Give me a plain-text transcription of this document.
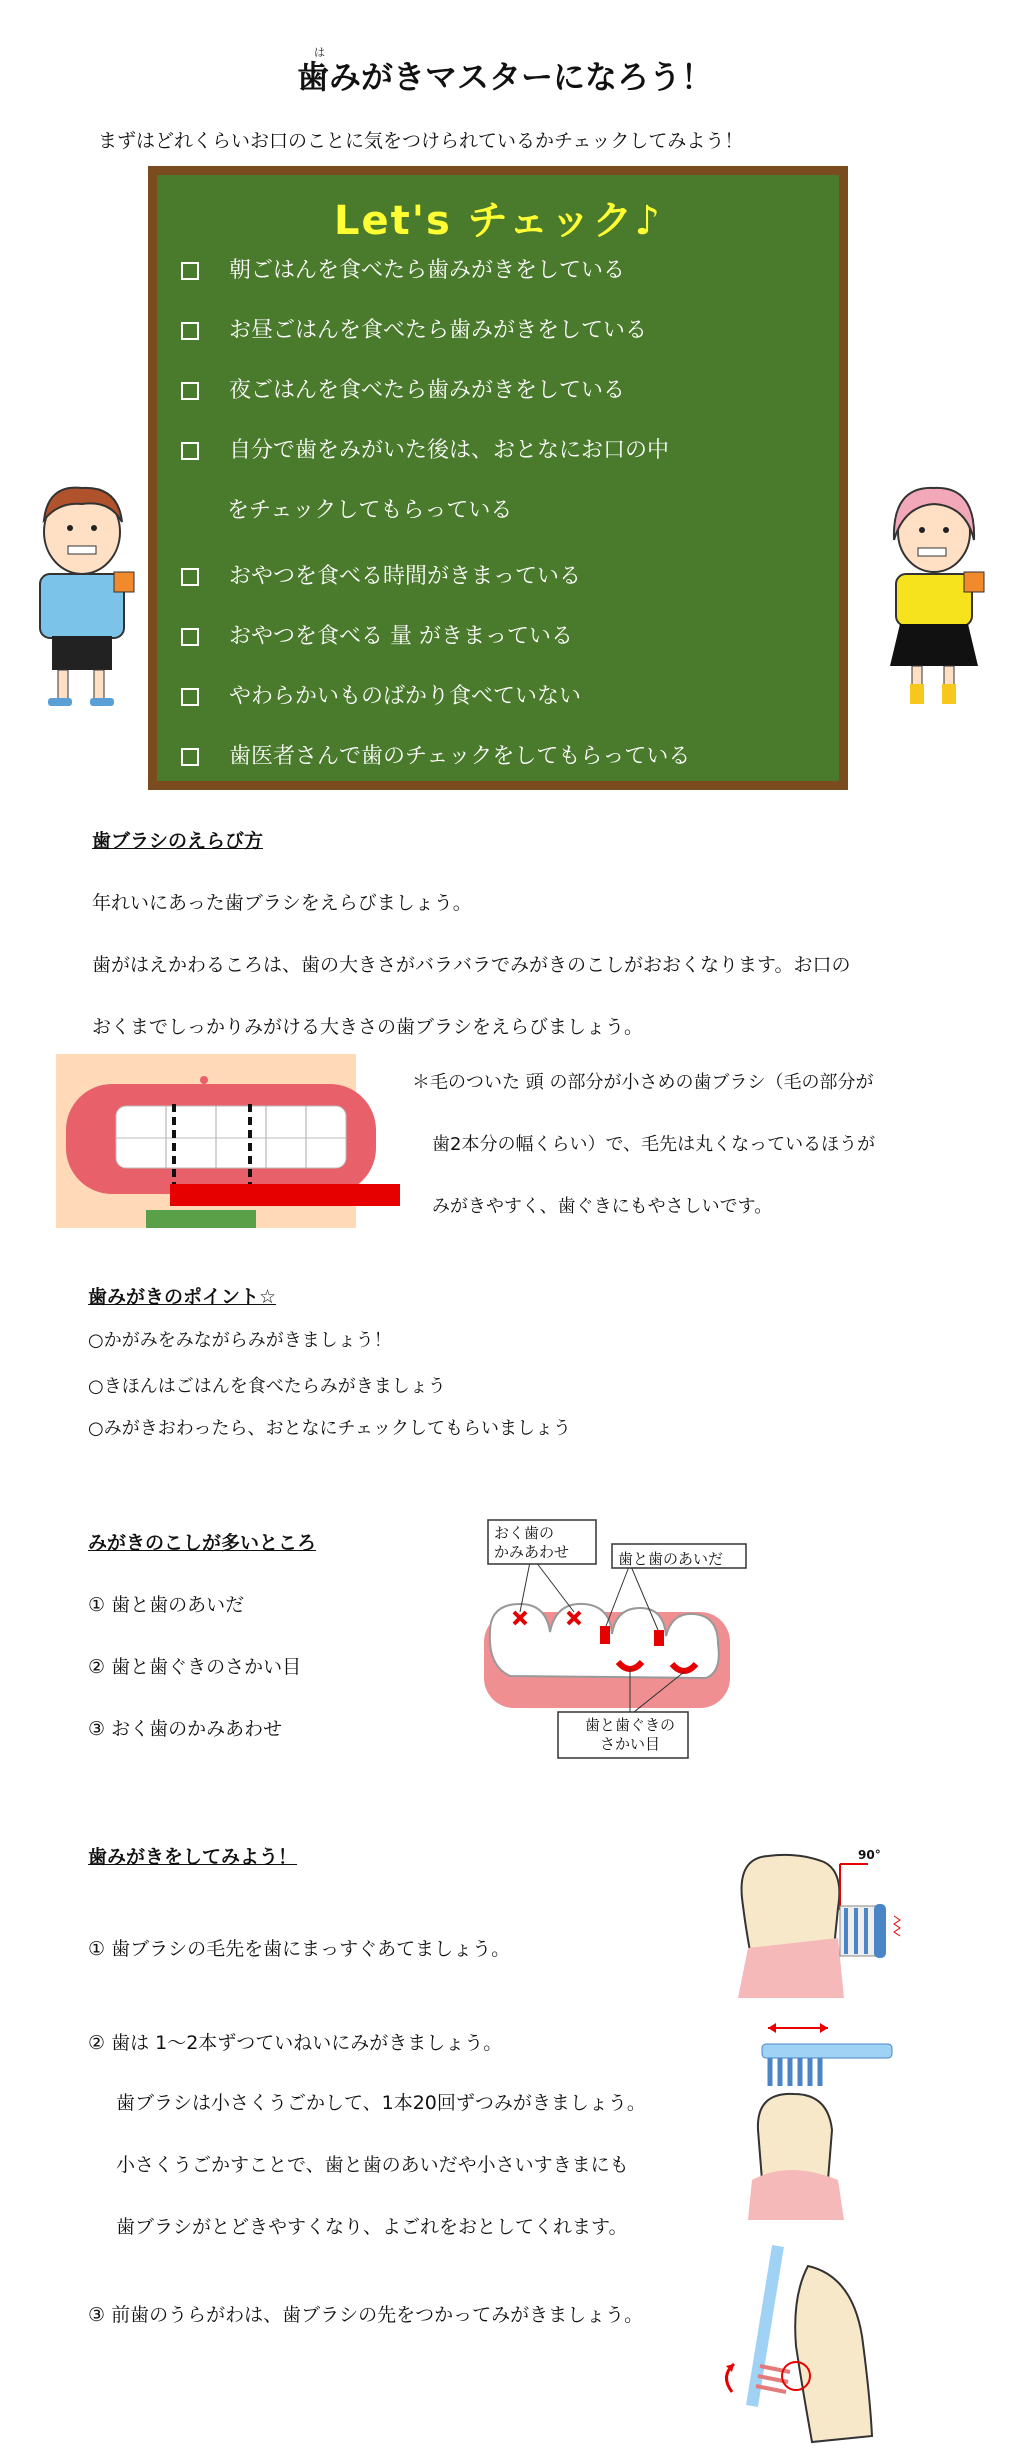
は
歯みがきマスターになろう！
まずはどれくらいお口のことに気をつけられているかチェックしてみよう！
Let's チェック♪
朝ごはんを食べたら歯みがきをしている
お昼ごはんを食べたら歯みがきをしている
夜ごはんを食べたら歯みがきをしている
自分で歯をみがいた後は、おとなにお口の中
をチェックしてもらっている
おやつを食べる時間がきまっている
おやつを食べる 量 がきまっている
やわらかいものばかり食べていない
歯医者さんで歯のチェックをしてもらっている
歯ブラシのえらび方
年れいにあった歯ブラシをえらびましょう。
歯がはえかわるころは、歯の大きさがバラバラでみがきのこしがおおくなります。お口の
おくまでしっかりみがける大きさの歯ブラシをえらびましょう。
＊毛のついた 頭 の部分が小さめの歯ブラシ（毛の部分が
歯2本分の幅くらい）で、毛先は丸くなっているほうが
みがきやすく、歯ぐきにもやさしいです。
歯みがきのポイント☆
○かがみをみながらみがきましょう！
○きほんはごはんを食べたらみがきましょう
○みがきおわったら、おとなにチェックしてもらいましょう
みがきのこしが多いところ
① 歯と歯のあいだ
② 歯と歯ぐきのさかい目
③ おく歯のかみあわせ
おく歯の
かみあわせ	歯と歯のあいだ
歯と歯ぐきの
さかい目
歯みがきをしてみよう！
① 歯ブラシの毛先を歯にまっすぐあてましょう。
90°
② 歯は 1～2本ずつていねいにみがきましょう。
歯ブラシは小さくうごかして、1本20回ずつみがきましょう。
小さくうごかすことで、歯と歯のあいだや小さいすきまにも
歯ブラシがとどきやすくなり、よごれをおとしてくれます。
③ 前歯のうらがわは、歯ブラシの先をつかってみがきましょう。
